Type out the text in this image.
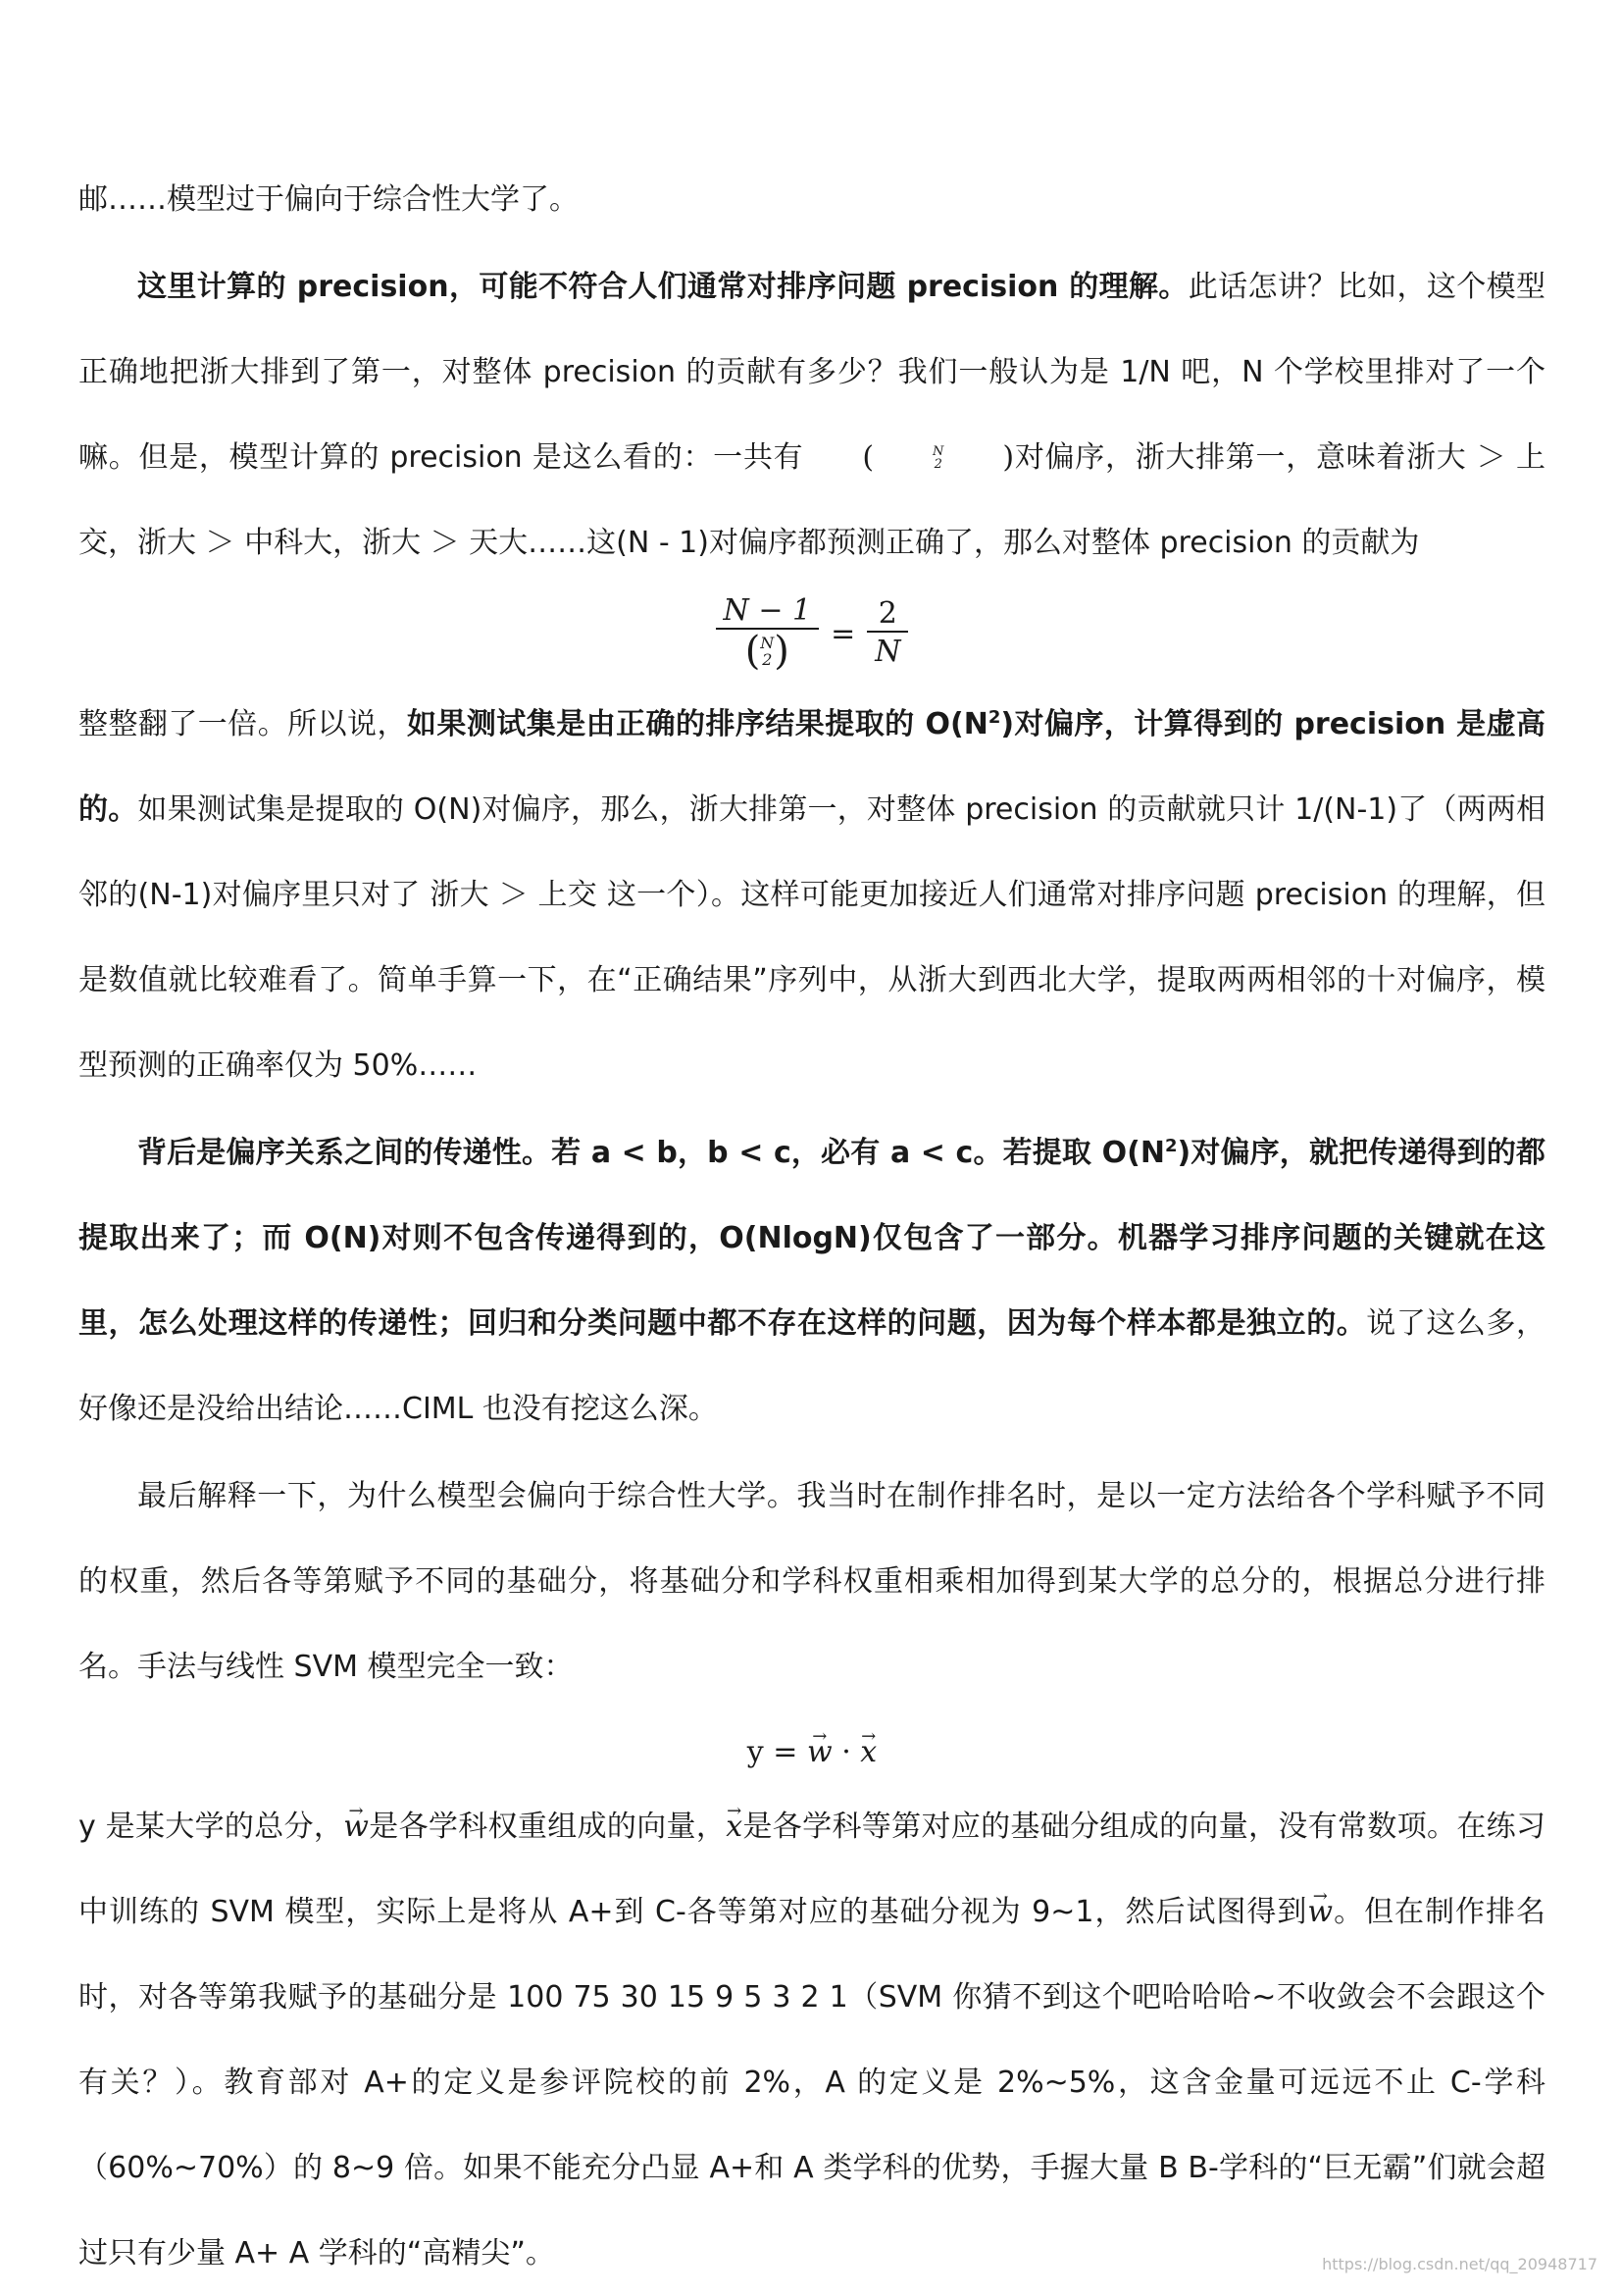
邮……模型过于偏向于综合性大学了。

这里计算的 precision，可能不符合人们通常对排序问题 precision 的理解。此话怎讲？比如，这个模型正确地把浙大排到了第一，对整体 precision 的贡献有多少？我们一般认为是 1/N 吧，N 个学校里排对了一个嘛。但是，模型计算的 precision 是这么看的：一共有	(	N
2	) 对偏序，浙大排第一，意味着浙大 ＞ 上交，浙大 ＞ 中科大，浙大 ＞ 天大……这(N - 1)对偏序都预测正确了，那么对整体 precision 的贡献为

N − 1
( N
2 ) = $\frac{2}{N}$

整整翻了一倍。所以说，如果测试集是由正确的排序结果提取的 $O(N^2)$对偏序，计算得到的 precision 是虚高的。如果测试集是提取的 O(N)对偏序，那么，浙大排第一，对整体 precision 的贡献就只计 1/(N-1)了（两两相邻的(N-1)对偏序里只对了 浙大 ＞ 上交 这一个）。这样可能更加接近人们通常对排序问题 precision 的理解，但是数值就比较难看了。简单手算一下，在“正确结果”序列中，从浙大到西北大学，提取两两相邻的十对偏序，模型预测的正确率仅为 50%……

背后是偏序关系之间的传递性。若 a < b，b < c，必有 a < c。若提取 $O(N^2)$对偏序，就把传递得到的都提取出来了；而 O(N)对则不包含传递得到的，O(NlogN)仅包含了一部分。机器学习排序问题的关键就在这里，怎么处理这样的传递性；回归和分类问题中都不存在这样的问题，因为每个样本都是独立的。说了这么多，好像还是没给出结论……CIML 也没有挖这么深。

最后解释一下，为什么模型会偏向于综合性大学。我当时在制作排名时，是以一定方法给各个学科赋予不同的权重，然后各等第赋予不同的基础分，将基础分和学科权重相乘相加得到某大学的总分的，根据总分进行排名。手法与线性 SVM 模型完全一致：

y = → w · → x

y 是某大学的总分，→ w是各学科权重组成的向量，→ x是各学科等第对应的基础分组成的向量，没有常数项。在练习中训练的 SVM 模型，实际上是将从 A+到 C-各等第对应的基础分视为 9~1，然后试图得到→ w。但在制作排名时，对各等第我赋予的基础分是 100 75 30 15 9 5 3 2 1（SVM 你猜不到这个吧哈哈哈~不收敛会不会跟这个有关？）。教育部对 A+的定义是参评院校的前 2%，A 的定义是 2%~5%，这含金量可远远不止 C-学科（60%~70%）的 8~9 倍。如果不能充分凸显 A+和 A 类学科的优势，手握大量 B B-学科的“巨无霸”们就会超过只有少量 A+ A 学科的“高精尖”。	https://blog.csdn.net/qq_20948717
